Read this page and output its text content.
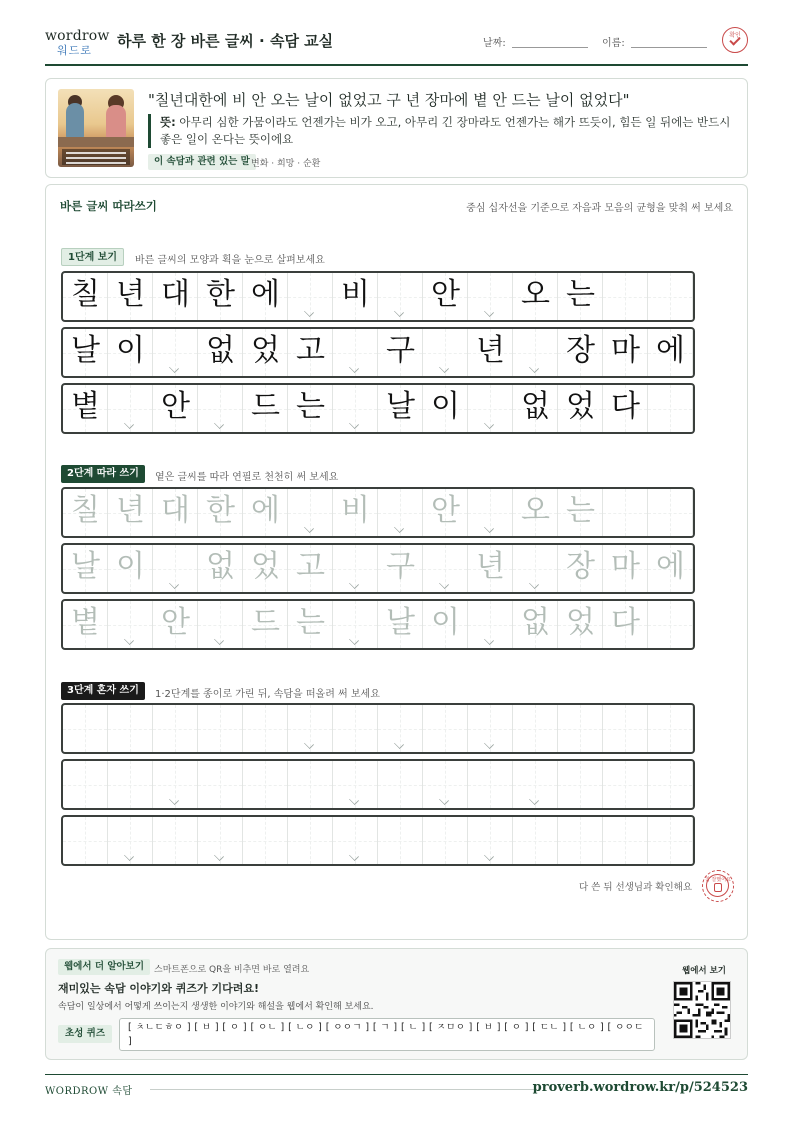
wordrow
워드로
하루 한 장 바른 글씨 · 속담 교실	날짜:	이름:
확인
"칠년대한에 비 안 오는 날이 없었고 구 년 장마에 볕 안 드는 날이 없었다"
뜻: 아무리 심한 가뭄이라도 언젠가는 비가 오고, 아무리 긴 장마라도 언젠가는 해가 뜨듯이, 힘든 일 뒤에는 반드시 좋은 일이 온다는 뜻이에요
이 속담과 관련 있는 말 변화 · 희망 · 순환
바른 글씨 따라쓰기	중심 십자선을 기준으로 자음과 모음의 균형을 맞춰 써 보세요
1단계 보기	바른 글씨의 모양과 획을 눈으로 살펴보세요
2단계 따라 쓰기	옅은 글씨를 따라 연필로 천천히 써 보세요
3단계 혼자 쓰기	1·2단계를 종이로 가린 뒤, 속담을 떠올려 써 보세요
칠 년 대 한 에 비 안 오 는
날 이 없 었 고 구 년 장 마 에
볕 안 드 는 날 이 없 었 다
칠 년 대 한 에 비 안 오 는
날 이 없 었 고 구 년 장 마 에
볕 안 드 는 날 이 없 었 다
다 쓴 뒤 선생님과 확인해요
참 잘했어요
웹에서 더 알아보기	스마트폰으로 QR을 비추면 바로 열려요
재미있는 속담 이야기와 퀴즈가 기다려요!
속담이 일상에서 어떻게 쓰이는지 생생한 이야기와 해설을 웹에서 확인해 보세요.
초성 퀴즈
[ ㅊㄴㄷㅎㅇ ] [ ㅂ ] [ ㅇ ] [ ㅇㄴ ] [ ㄴㅇ ] [ ㅇㅇㄱ ] [ ㄱ ] [ ㄴ ] [ ㅈㅁㅇ ] [ ㅂ ] [ ㅇ ] [ ㄷㄴ ] [ ㄴㅇ ] [ ㅇㅇㄷ ]
웹에서 보기
WORDROW 속담	proverb.wordrow.kr/p/524523
